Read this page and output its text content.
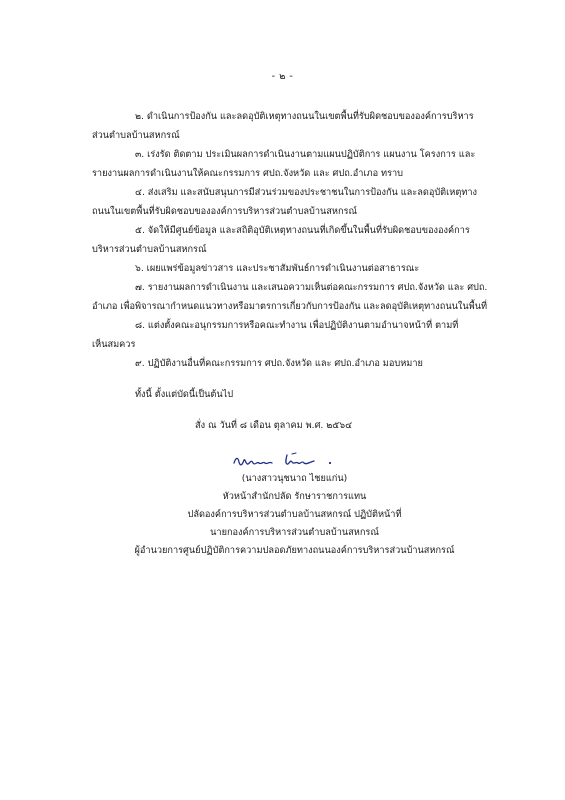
- ๒ -
๒. ดำเนินการป้องกัน และลดอุบัติเหตุทางถนนในเขตพื้นที่รับผิดชอบขององค์การบริหาร
ส่วนตำบลบ้านสหกรณ์
๓. เร่งรัด ติดตาม ประเมินผลการดำเนินงานตามแผนปฏิบัติการ แผนงาน โครงการ และ
รายงานผลการดำเนินงานให้คณะกรรมการ ศปถ.จังหวัด และ ศปถ.อำเภอ ทราบ
๔. ส่งเสริม และสนับสนุนการมีส่วนร่วมของประชาชนในการป้องกัน และลดอุบัติเหตุทาง
ถนนในเขตพื้นที่รับผิดชอบขององค์การบริหารส่วนตำบลบ้านสหกรณ์
๕. จัดให้มีศูนย์ข้อมูล และสถิติอุบัติเหตุทางถนนที่เกิดขึ้นในพื้นที่รับผิดชอบขององค์การ
บริหารส่วนตำบลบ้านสหกรณ์
๖. เผยแพร่ข้อมูลข่าวสาร และประชาสัมพันธ์การดำเนินงานต่อสาธารณะ
๗. รายงานผลการดำเนินงาน และเสนอความเห็นต่อคณะกรรมการ ศปถ.จังหวัด และ ศปถ.
อำเภอ เพื่อพิจารณากำหนดแนวทางหรือมาตรการเกี่ยวกับการป้องกัน และลดอุบัติเหตุทางถนนในพื้นที่
๘. แต่งตั้งคณะอนุกรรมการหรือคณะทำงาน เพื่อปฏิบัติงานตามอำนาจหน้าที่ ตามที่
เห็นสมควร
๙. ปฏิบัติงานอื่นที่คณะกรรมการ ศปถ.จังหวัด และ ศปถ.อำเภอ มอบหมาย
ทั้งนี้ ตั้งแต่บัดนี้เป็นต้นไป
สั่ง ณ วันที่ ๘ เดือน ตุลาคม พ.ศ. ๒๕๖๔
(นางสาวนุชนาถ ไชยแก่น)
หัวหน้าสำนักปลัด รักษาราชการแทน
ปลัดองค์การบริหารส่วนตำบลบ้านสหกรณ์ ปฏิบัติหน้าที่
นายกองค์การบริหารส่วนตำบลบ้านสหกรณ์
ผู้อำนวยการศูนย์ปฏิบัติการความปลอดภัยทางถนนองค์การบริหารส่วนบ้านสหกรณ์
